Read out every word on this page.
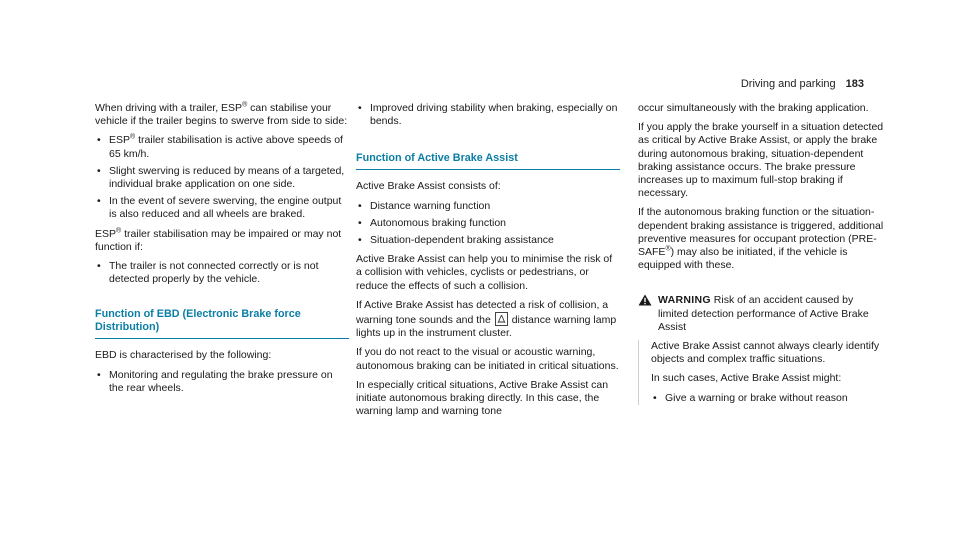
Driving and parking 183

When driving with a trailer, ESP® can stabilise your vehicle if the trailer begins to swerve from side to side:

• ESP® trailer stabilisation is active above speeds of 65 km/h.
• Slight swerving is reduced by means of a targeted, individual brake application on one side.
• In the event of severe swerving, the engine output is also reduced and all wheels are braked.

ESP® trailer stabilisation may be impaired or may not function if:

• The trailer is not connected correctly or is not detected properly by the vehicle.
Function of EBD (Electronic Brake force Distribution)

EBD is characterised by the following:

• Monitoring and regulating the brake pressure on the rear wheels.
• Improved driving stability when braking, especially on bends.
Function of Active Brake Assist

Active Brake Assist consists of:

• Distance warning function
• Autonomous braking function
• Situation-dependent braking assistance

Active Brake Assist can help you to minimise the risk of a collision with vehicles, cyclists or pedestrians, or reduce the effects of such a collision.

If Active Brake Assist has detected a risk of collision, a warning tone sounds and the distance warning lamp lights up in the instrument cluster.

If you do not react to the visual or acoustic warning, autonomous braking can be initiated in critical situations.

In especially critical situations, Active Brake Assist can initiate autonomous braking directly. In this case, the warning lamp and warning tone

occur simultaneously with the braking application.

If you apply the brake yourself in a situation detected as critical by Active Brake Assist, or apply the brake during autonomous braking, situation-dependent braking assistance occurs. The brake pressure increases up to maximum full-stop braking if necessary.

If the autonomous braking function or the situation-dependent braking assistance is triggered, additional preventive measures for occupant protection (PRE-SAFE®) may also be initiated, if the vehicle is equipped with these.

WARNING Risk of an accident caused by limited detection performance of Active Brake Assist

Active Brake Assist cannot always clearly identify objects and complex traffic situations.

In such cases, Active Brake Assist might:

• Give a warning or brake without reason
